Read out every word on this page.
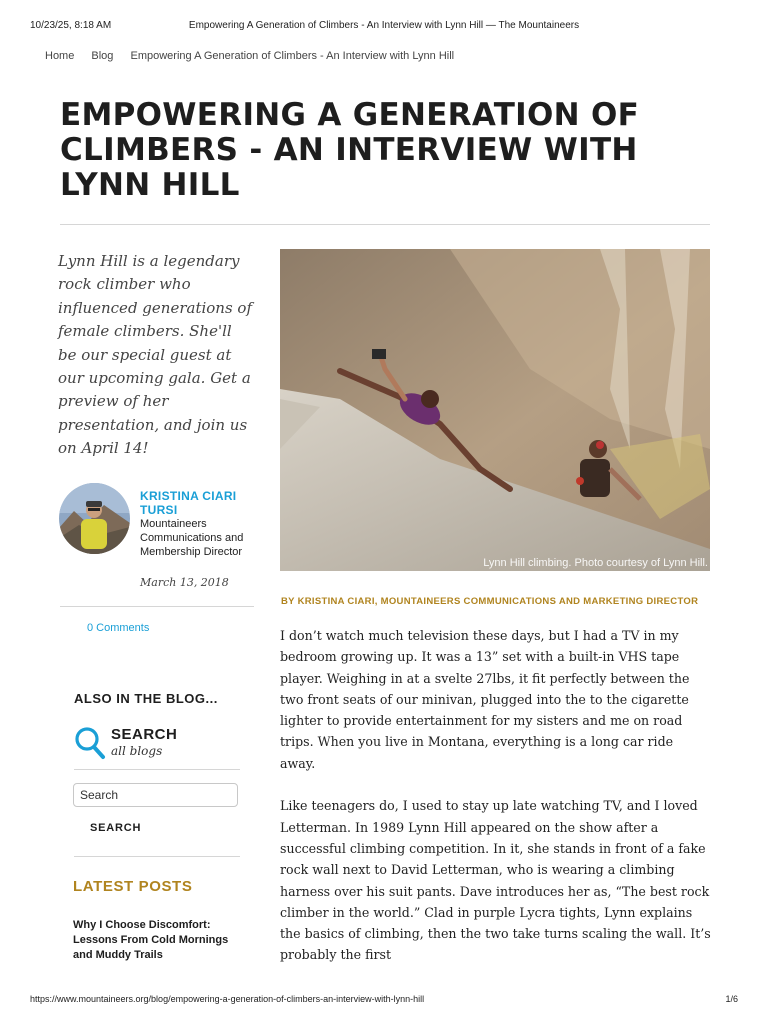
10/23/25, 8:18 AM	Empowering A Generation of Climbers - An Interview with Lynn Hill — The Mountaineers
Home Blog Empowering A Generation of Climbers - An Interview with Lynn Hill
EMPOWERING A GENERATION OF CLIMBERS - AN INTERVIEW WITH LYNN HILL
Lynn Hill is a legendary rock climber who influenced generations of female climbers. She'll be our special guest at our upcoming gala. Get a preview of her presentation, and join us on April 14!
KRISTINA CIARI TURSI
Mountaineers Communications and Membership Director
March 13, 2018
0 Comments
ALSO IN THE BLOG...
SEARCH
all blogs
Search
SEARCH
LATEST POSTS
Why I Choose Discomfort: Lessons From Cold Mornings and Muddy Trails
Lynn Hill climbing. Photo courtesy of Lynn Hill.
BY KRISTINA CIARI, MOUNTAINEERS COMMUNICATIONS AND MARKETING DIRECTOR

I don’t watch much television these days, but I had a TV in my bedroom growing up. It was a 13” set with a built-in VHS tape player. Weighing in at a svelte 27lbs, it fit perfectly between the two front seats of our minivan, plugged into the to the cigarette lighter to provide entertainment for my sisters and me on road trips. When you live in Montana, everything is a long car ride away.

Like teenagers do, I used to stay up late watching TV, and I loved Letterman. In 1989 Lynn Hill appeared on the show after a successful climbing competition. In it, she stands in front of a fake rock wall next to David Letterman, who is wearing a climbing harness over his suit pants. Dave introduces her as, “The best rock climber in the world.” Clad in purple Lycra tights, Lynn explains the basics of climbing, then the two take turns scaling the wall. It’s probably the first

https://www.mountaineers.org/blog/empowering-a-generation-of-climbers-an-interview-with-lynn-hill	1/6
